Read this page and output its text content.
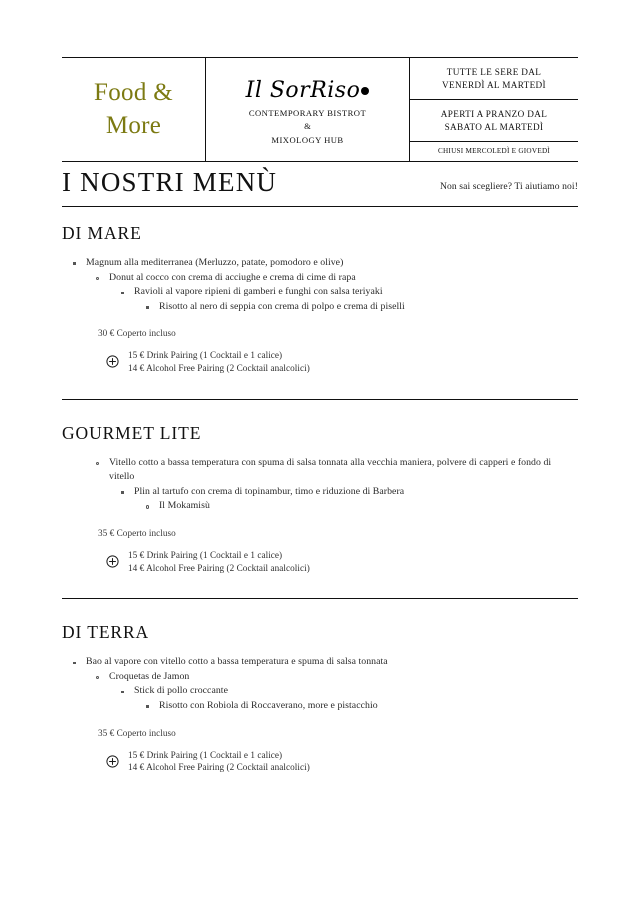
Food &
More
Il SorRiso
CONTEMPORARY BISTROT
&
MIXOLOGY HUB
TUTTE LE SERE DAL
VENERDÌ AL MARTEDÌ
APERTI A PRANZO DAL
SABATO AL MARTEDÌ
CHIUSI MERCOLEDÌ E GIOVEDÌ
I NOSTRI MENÙ	Non sai scegliere? Ti aiutiamo noi!
DI MARE
Magnum alla mediterranea (Merluzzo, patate, pomodoro e olive)
Donut al cocco con crema di acciughe e crema di cime di rapa
Ravioli al vapore ripieni di gamberi e funghi con salsa teriyaki
Risotto al nero di seppia con crema di polpo e crema di piselli
30 € Coperto incluso
15 € Drink Pairing (1 Cocktail e 1 calice)
14 € Alcohol Free Pairing (2 Cocktail analcolici)
GOURMET LITE
Vitello cotto a bassa temperatura con spuma di salsa tonnata alla vecchia maniera, polvere di capperi e fondo di vitello
Plin al tartufo con crema di topinambur, timo e riduzione di Barbera
Il Mokamisù
35 € Coperto incluso
15 € Drink Pairing (1 Cocktail e 1 calice)
14 € Alcohol Free Pairing (2 Cocktail analcolici)
DI TERRA
Bao al vapore con vitello cotto a bassa temperatura e spuma di salsa tonnata
Croquetas de Jamon
Stick di pollo croccante
Risotto con Robiola di Roccaverano, more e pistacchio
35 € Coperto incluso
15 € Drink Pairing (1 Cocktail e 1 calice)
14 € Alcohol Free Pairing (2 Cocktail analcolici)
